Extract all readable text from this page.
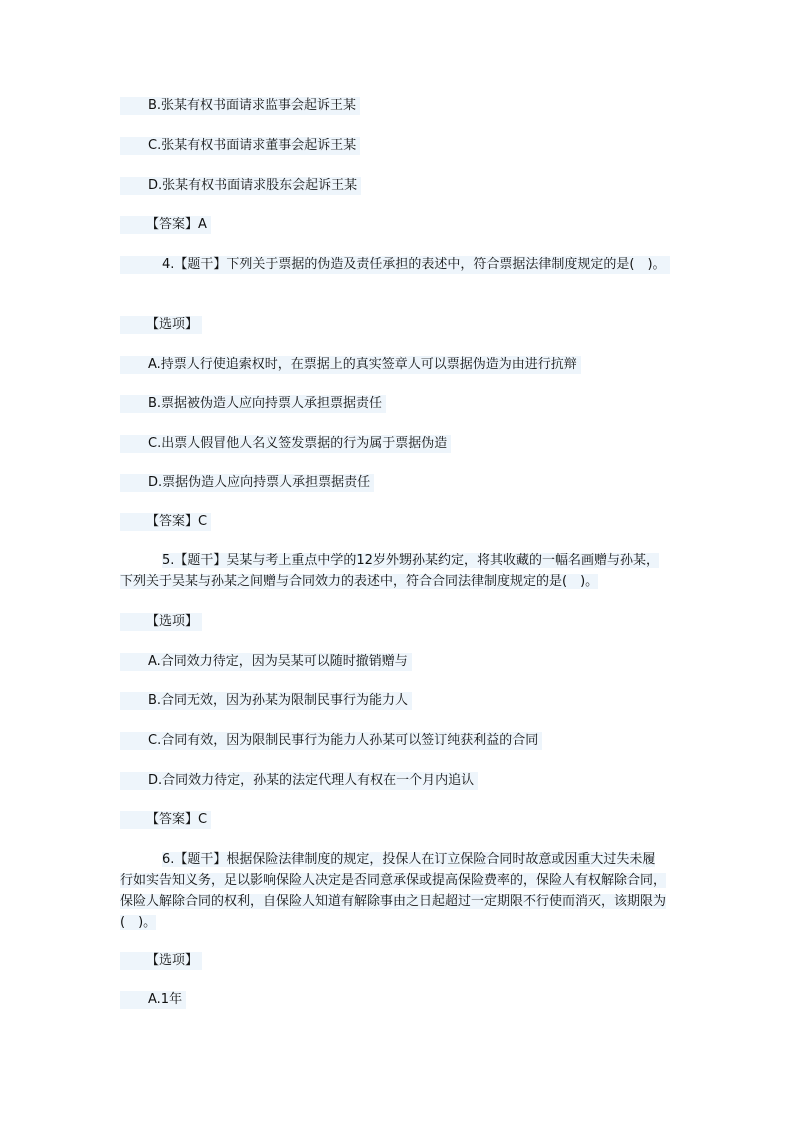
B.张某有权书面请求监事会起诉王某
C.张某有权书面请求董事会起诉王某
D.张某有权书面请求股东会起诉王某
【答案】A
4.【题干】下列关于票据的伪造及责任承担的表述中，符合票据法律制度规定的是(　)。
【选项】
A.持票人行使追索权时，在票据上的真实签章人可以票据伪造为由进行抗辩
B.票据被伪造人应向持票人承担票据责任
C.出票人假冒他人名义签发票据的行为属于票据伪造
D.票据伪造人应向持票人承担票据责任
【答案】C
5.【题干】吴某与考上重点中学的12岁外甥孙某约定，将其收藏的一幅名画赠与孙某，下列关于吴某与孙某之间赠与合同效力的表述中，符合合同法律制度规定的是(　)。
【选项】
A.合同效力待定，因为吴某可以随时撤销赠与
B.合同无效，因为孙某为限制民事行为能力人
C.合同有效，因为限制民事行为能力人孙某可以签订纯获利益的合同
D.合同效力待定，孙某的法定代理人有权在一个月内追认
【答案】C
6.【题干】根据保险法律制度的规定，投保人在订立保险合同时故意或因重大过失未履行如实告知义务，足以影响保险人决定是否同意承保或提高保险费率的，保险人有权解除合同，保险人解除合同的权利，自保险人知道有解除事由之日起超过一定期限不行使而消灭，该期限为(　)。
【选项】
A.1年
